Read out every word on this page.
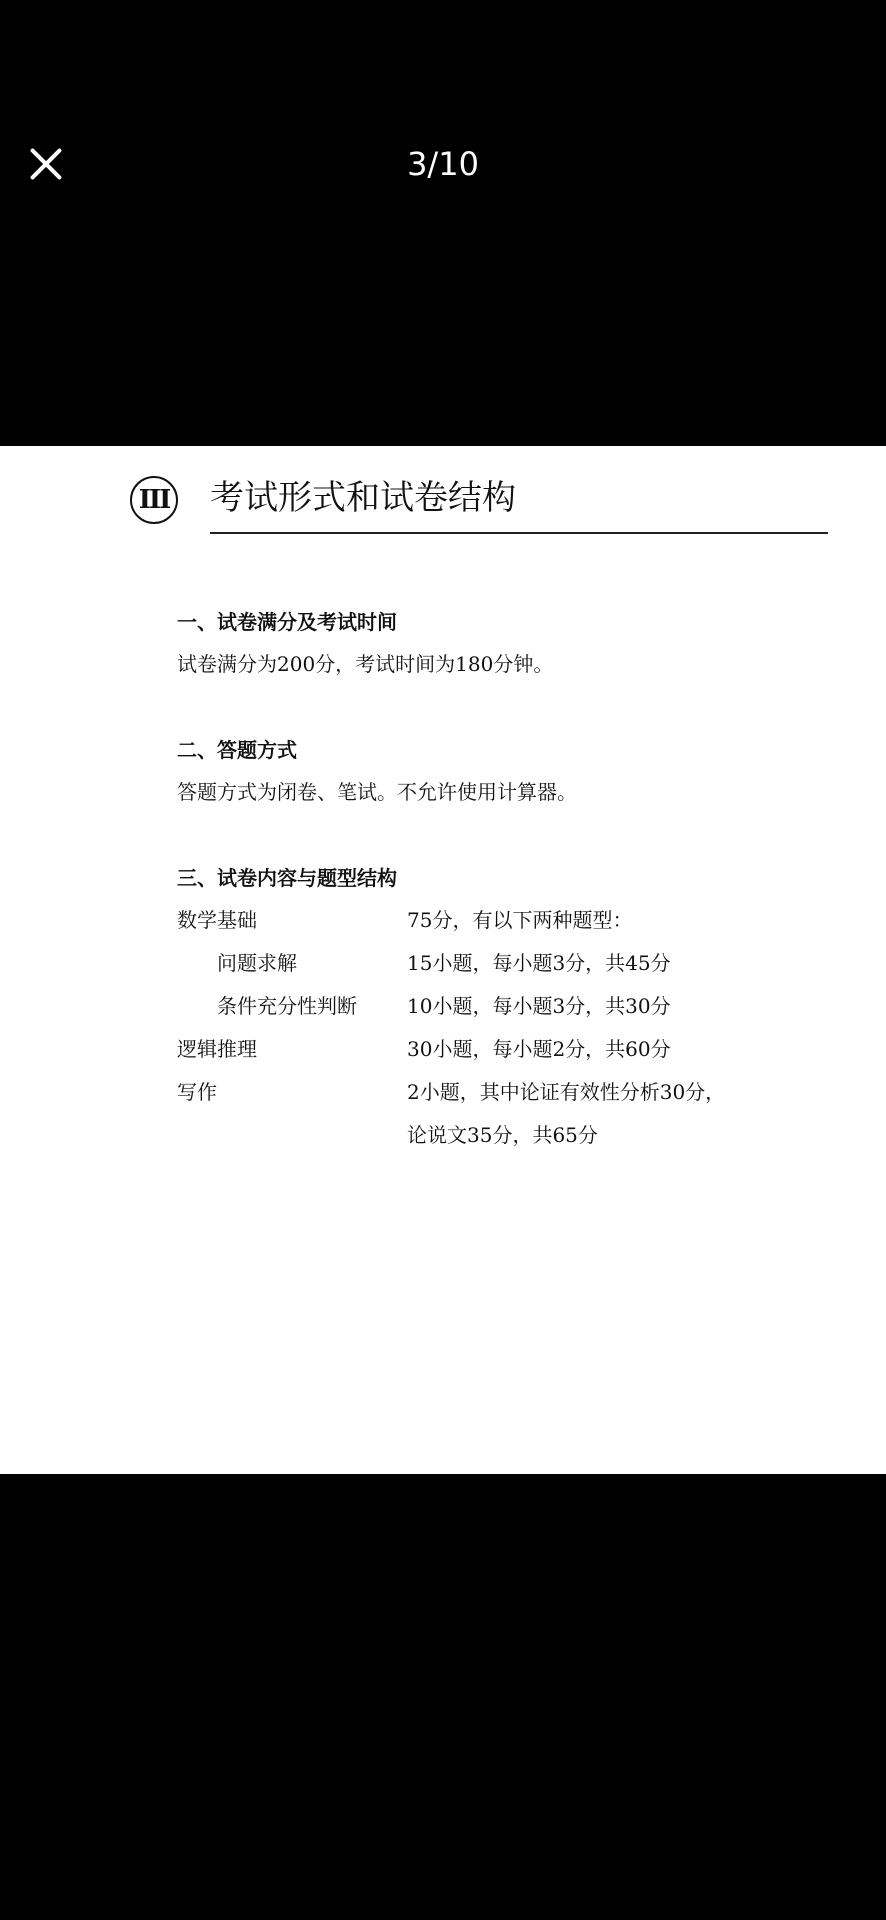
3/10
III 考试形式和试卷结构
一、试卷满分及考试时间
试卷满分为200分，考试时间为180分钟。
二、答题方式
答题方式为闭卷、笔试。不允许使用计算器。
三、试卷内容与题型结构
数学基础	75分，有以下两种题型：
问题求解	15小题，每小题3分，共45分
条件充分性判断	10小题，每小题3分，共30分
逻辑推理	30小题，每小题2分，共60分
写作	2小题，其中论证有效性分析30分，
论说文35分，共65分
